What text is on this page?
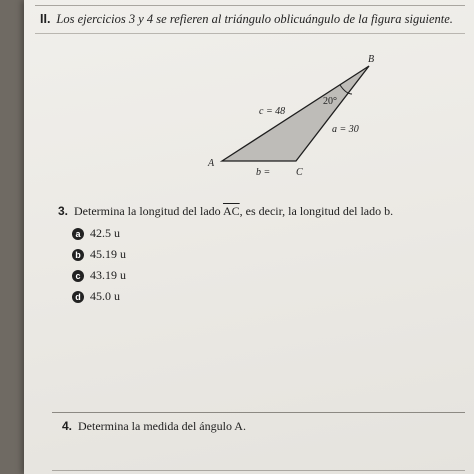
II. Los ejercicios 3 y 4 se refieren al triángulo oblicuángulo de la figura siguiente.
B
A
C
c = 48
a = 30
b =
20°
3. Determina la longitud del lado $\overline{AC}$, es decir, la longitud del lado b.
a 42.5 u
b 45.19 u
c 43.19 u
d 45.0 u
4. Determina la medida del ángulo A.
